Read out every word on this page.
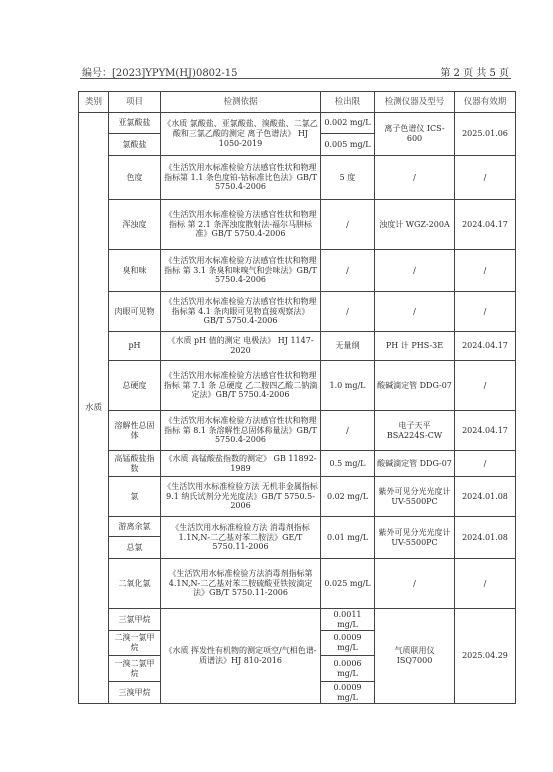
编号：[2023]YPYM(HJ)0802-15	第 2 页 共 5 页
类别	项目	检测依据	检出限	检测仪器及型号	仪器有效期
水质	亚氯酸盐	《水质 氯酸盐、亚氯酸盐、溴酸盐、二氯乙酸和三氯乙酸的测定 离子色谱法》 HJ 1050-2019	0.002 mg/L	离子色谱仪 ICS-600	2025.01.06
	氯酸盐		0.005 mg/L		
	色度	《生活饮用水标准检验方法感官性状和物理指标第 1.1 条色度铂-钴标准比色法》GB/T 5750.4-2006	5 度	/	/
	浑浊度	《生活饮用水标准检验方法感官性状和物理指标 第 2.1 条浑浊度散射法-福尔马肼标准》GB/T 5750.4-2006	/	浊度计 WGZ-200A	2024.04.17
	臭和味	《生活饮用水标准检验方法感官性状和物理指标 第 3.1 条臭和味嗅气和尝味法》GB/T 5750.4-2006	/	/	/
	肉眼可见物	《生活饮用水标准检验方法感官性状和物理指标第 4.1 条肉眼可见物直接观察法》GB/T 5750.4-2006	/	/	/
	pH	《水质 pH 值的测定 电极法》 HJ 1147-2020	无量纲	PH 计 PHS-3E	2024.04.17
	总硬度	《生活饮用水标准检验方法感官性状和物理指标 第 7.1 条 总硬度 乙二胺四乙酸二钠滴定法》GB/T 5750.4-2006	1.0 mg/L	酸碱滴定管 DDG-07	/
	溶解性总固体	《生活饮用水标准检验方法感官性状和物理指标 第 8.1 条溶解性总固体称量法》GB/T 5750.4-2006	/	电子天平 BSA224S-CW	2024.04.17
	高锰酸盐指数	《水质 高锰酸盐指数的测定》 GB 11892-1989	0.5 mg/L	酸碱滴定管 DDG-07	/
	氯	《生活饮用水标准检验方法 无机非金属指标 9.1 纳氏试剂分光光度法》GB/T 5750.5-2006	0.02 mg/L	紫外可见分光光度计 UV-5500PC	2024.01.08
	游离余氯	《生活饮用水标准检验方法 消毒剂指标 1.1N,N-二乙基对苯二胺法》GE/T 5750.11-2006	0.01 mg/L	紫外可见分光光度计 UV-5500PC	2024.01.08
	总氯				
	二氧化氯	《生活饮用水标准检验方法消毒剂指标第 4.1N,N-二乙基对苯二胺硫酸亚铁铵滴定法》GB/T 5750.11-2006	0.025 mg/L	/	/
	三氯甲烷	《水质 挥发性有机物的测定项空/气相色谱-质谱法》HJ 810-2016	0.0011 mg/L	气质联用仪 ISQ7000	2025.04.29
	二溴一氯甲烷		0.0009 mg/L		
	一溴二氯甲烷		0.0006 mg/L		
	三溴甲烷		0.0009 mg/L		
